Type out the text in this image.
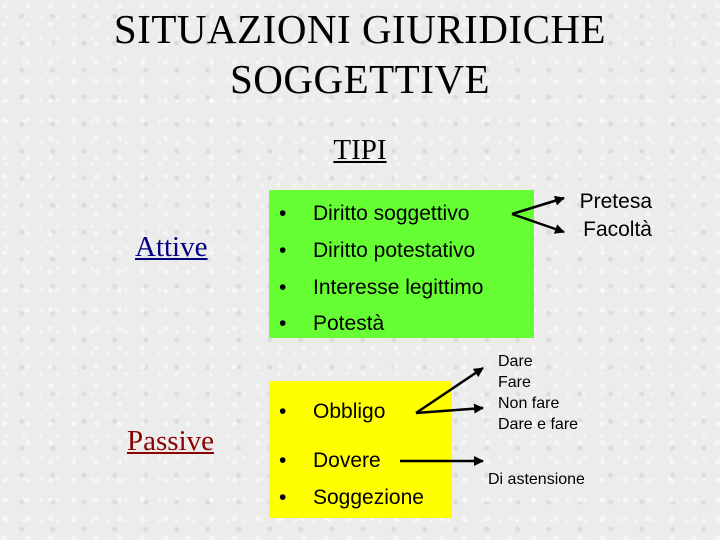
SITUAZIONI GIURIDICHE
SOGGETTIVE
TIPI
Attive
Passive
• Diritto soggettivo
• Diritto potestativo
• Interesse legittimo
• Potestà
• Obbligo
• Dovere
• Soggezione
Pretesa
Facoltà
Dare
Fare
Non fare
Dare e fare
Di astensione
